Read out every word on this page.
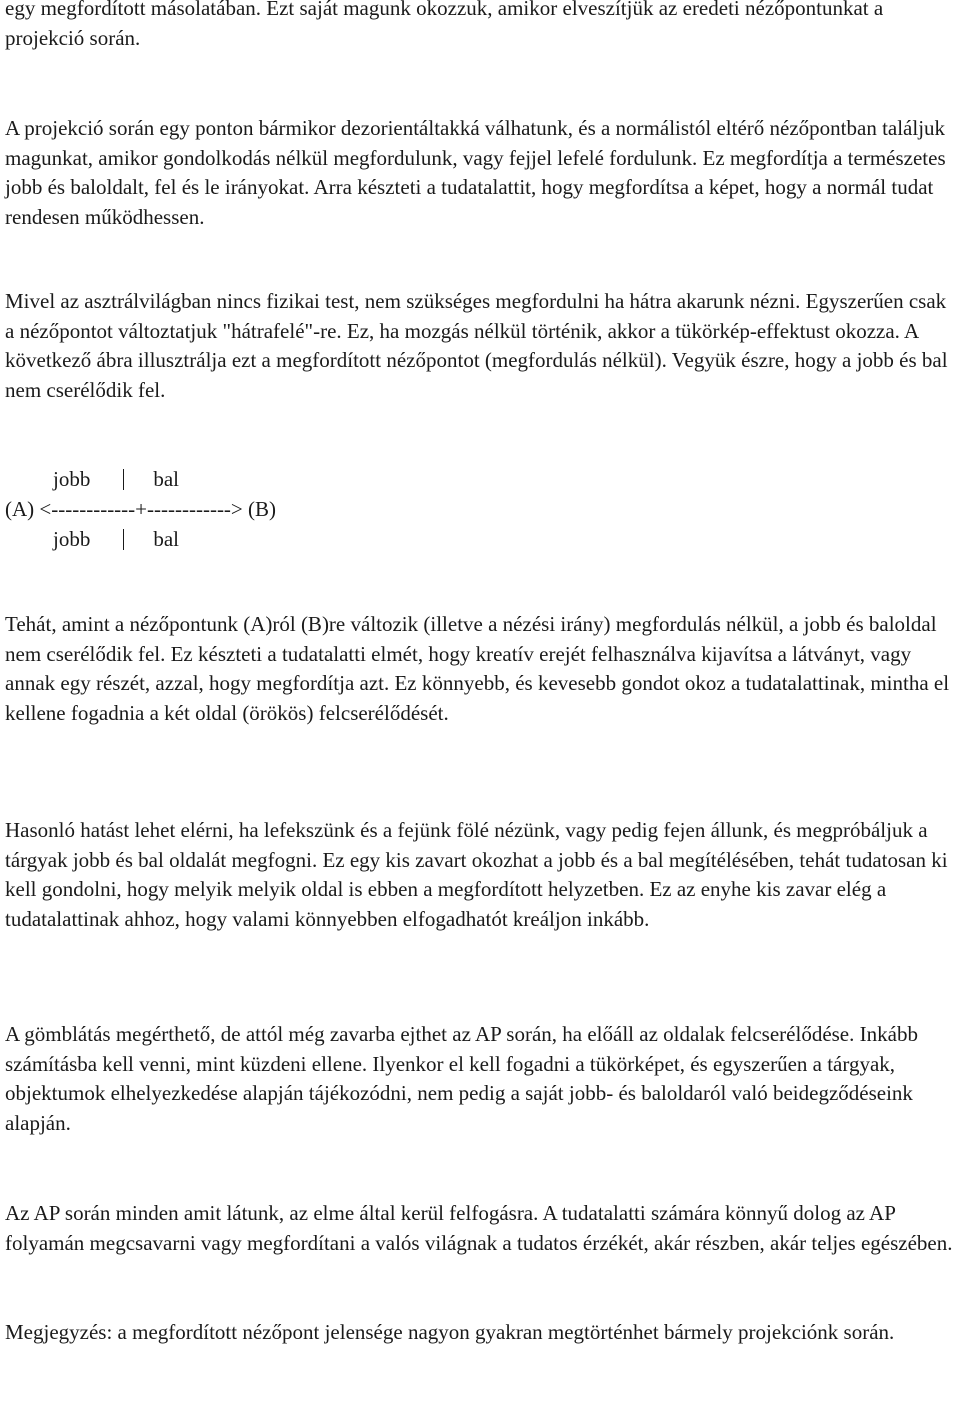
egy megfordított másolatában. Ezt saját magunk okozzuk, amikor elveszítjük az eredeti nézőpontunkat a projekció során.

A projekció során egy ponton bármikor dezorientáltakká válhatunk, és a normálistól eltérő nézőpontban találjuk magunkat, amikor gondolkodás nélkül megfordulunk, vagy fejjel lefelé fordulunk. Ez megfordítja a természetes jobb és baloldalt, fel és le irányokat. Arra készteti a tudatalattit, hogy megfordítsa a képet, hogy a normál tudat rendesen működhessen.

Mivel az asztrálvilágban nincs fizikai test, nem szükséges megfordulni ha hátra akarunk nézni. Egyszerűen csak a nézőpontot változtatjuk "hátrafelé"-re. Ez, ha mozgás nélkül történik, akkor a tükörkép-effektust okozza. A következő ábra illusztrálja ezt a megfordított nézőpontot (megfordulás nélkül). Vegyük észre, hogy a jobb és bal nem cserélődik fel.

jobb	bal
(A) <------------+------------> (B)
jobb	bal

Tehát, amint a nézőpontunk (A)ról (B)re változik (illetve a nézési irány) megfordulás nélkül, a jobb és baloldal nem cserélődik fel. Ez készteti a tudatalatti elmét, hogy kreatív erejét felhasználva kijavítsa a látványt, vagy annak egy részét, azzal, hogy megfordítja azt. Ez könnyebb, és kevesebb gondot okoz a tudatalattinak, mintha el kellene fogadnia a két oldal (örökös) felcserélődését.

Hasonló hatást lehet elérni, ha lefekszünk és a fejünk fölé nézünk, vagy pedig fejen állunk, és megpróbáljuk a tárgyak jobb és bal oldalát megfogni. Ez egy kis zavart okozhat a jobb és a bal megítélésében, tehát tudatosan ki kell gondolni, hogy melyik melyik oldal is ebben a megfordított helyzetben. Ez az enyhe kis zavar elég a tudatalattinak ahhoz, hogy valami könnyebben elfogadhatót kreáljon inkább.

A gömblátás megérthető, de attól még zavarba ejthet az AP során, ha előáll az oldalak felcserélődése. Inkább számításba kell venni, mint küzdeni ellene. Ilyenkor el kell fogadni a tükörképet, és egyszerűen a tárgyak, objektumok elhelyezkedése alapján tájékozódni, nem pedig a saját jobb- és baloldaról való beidegződéseink alapján.

Az AP során minden amit látunk, az elme által kerül felfogásra. A tudatalatti számára könnyű dolog az AP folyamán megcsavarni vagy megfordítani a valós világnak a tudatos érzékét, akár részben, akár teljes egészében.

Megjegyzés: a megfordított nézőpont jelensége nagyon gyakran megtörténhet bármely projekciónk során.
